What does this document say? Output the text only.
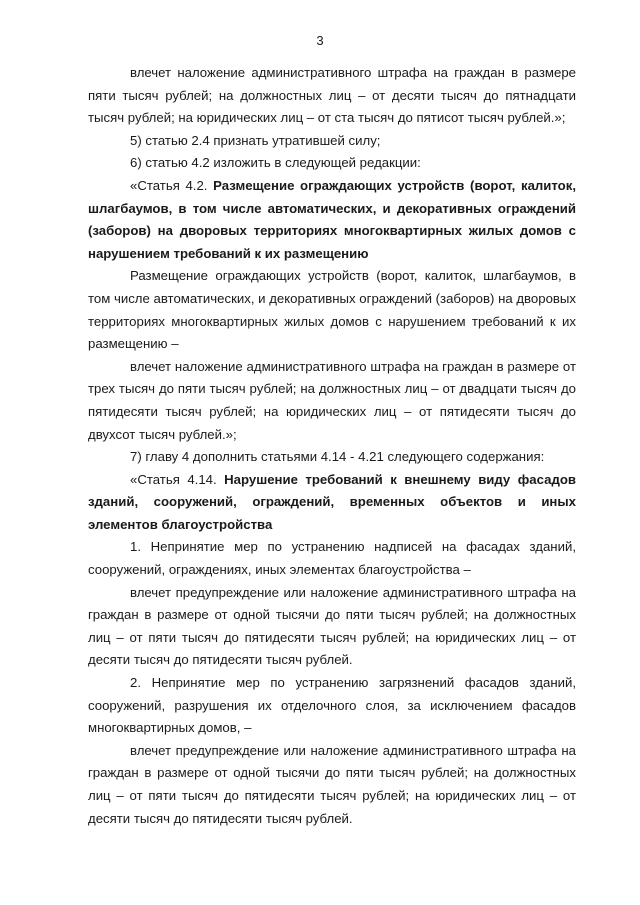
3

влечет наложение административного штрафа на граждан в размере пяти тысяч рублей; на должностных лиц – от десяти тысяч до пятнадцати тысяч рублей; на юридических лиц – от ста тысяч до пятисот тысяч рублей.»;

5) статью 2.4 признать утратившей силу;

6) статью 4.2 изложить в следующей редакции:

«Статья 4.2. Размещение ограждающих устройств (ворот, калиток, шлагбаумов, в том числе автоматических, и декоративных ограждений (заборов) на дворовых территориях многоквартирных жилых домов с нарушением требований к их размещению

Размещение ограждающих устройств (ворот, калиток, шлагбаумов, в том числе автоматических, и декоративных ограждений (заборов) на дворовых территориях многоквартирных жилых домов с нарушением требований к их размещению –

влечет наложение административного штрафа на граждан в размере от трех тысяч до пяти тысяч рублей; на должностных лиц – от двадцати тысяч до пятидесяти тысяч рублей; на юридических лиц – от пятидесяти тысяч до двухсот тысяч рублей.»;

7) главу 4 дополнить статьями 4.14 - 4.21 следующего содержания:

«Статья 4.14. Нарушение требований к внешнему виду фасадов зданий, сооружений, ограждений, временных объектов и иных элементов благоустройства

1. Непринятие мер по устранению надписей на фасадах зданий, сооружений, ограждениях, иных элементах благоустройства –

влечет предупреждение или наложение административного штрафа на граждан в размере от одной тысячи до пяти тысяч рублей; на должностных лиц – от пяти тысяч до пятидесяти тысяч рублей; на юридических лиц – от десяти тысяч до пятидесяти тысяч рублей.

2. Непринятие мер по устранению загрязнений фасадов зданий, сооружений, разрушения их отделочного слоя, за исключением фасадов многоквартирных домов, –

влечет предупреждение или наложение административного штрафа на граждан в размере от одной тысячи до пяти тысяч рублей; на должностных лиц – от пяти тысяч до пятидесяти тысяч рублей; на юридических лиц – от десяти тысяч до пятидесяти тысяч рублей.
